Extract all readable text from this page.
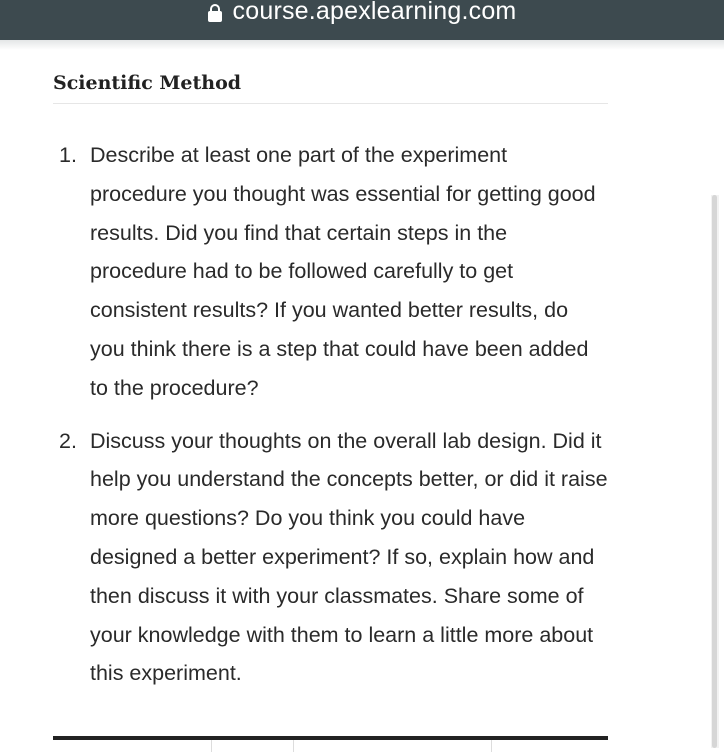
course.apexlearning.com
Scientific Method
1. Describe at least one part of the experiment procedure you thought was essential for getting good results. Did you find that certain steps in the procedure had to be followed carefully to get consistent results? If you wanted better results, do you think there is a step that could have been added to the procedure?
2. Discuss your thoughts on the overall lab design. Did it help you understand the concepts better, or did it raise more questions? Do you think you could have designed a better experiment? If so, explain how and then discuss it with your classmates. Share some of your knowledge with them to learn a little more about this experiment.
